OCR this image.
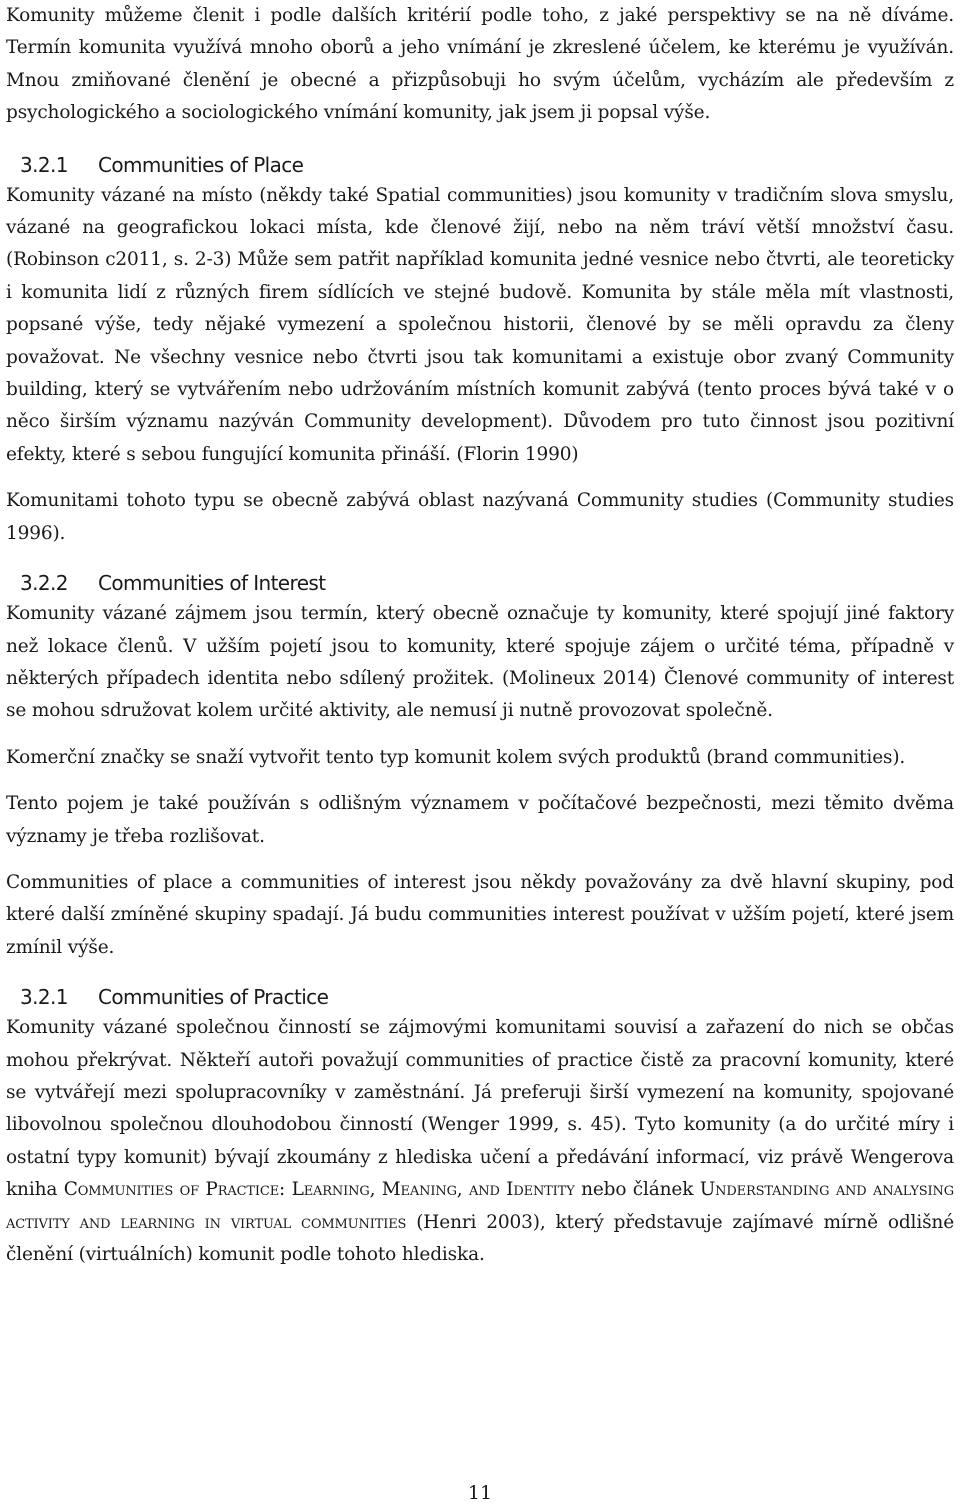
Komunity můžeme členit i podle dalších kritérií podle toho, z jaké perspektivy se na ně díváme. Termín komunita využívá mnoho oborů a jeho vnímání je zkreslené účelem, ke kterému je využíván. Mnou zmiňované členění je obecné a přizpůsobuji ho svým účelům, vycházím ale především z psychologického a sociologického vnímání komunity, jak jsem ji popsal výše.

3.2.1 Communities of Place

Komunity vázané na místo (někdy také Spatial communities) jsou komunity v tradičním slova smyslu, vázané na geografickou lokaci místa, kde členové žijí, nebo na něm tráví větší množství času. (Robinson c2011, s. 2-3) Může sem patřit například komunita jedné vesnice nebo čtvrti, ale teoreticky i komunita lidí z různých firem sídlících ve stejné budově. Komunita by stále měla mít vlastnosti, popsané výše, tedy nějaké vymezení a společnou historii, členové by se měli opravdu za členy považovat. Ne všechny vesnice nebo čtvrti jsou tak komunitami a existuje obor zvaný Community building, který se vytvářením nebo udržováním místních komunit zabývá (tento proces bývá také v o něco širším významu nazýván Community development). Důvodem pro tuto činnost jsou pozitivní efekty, které s sebou fungující komunita přináší. (Florin 1990)

Komunitami tohoto typu se obecně zabývá oblast nazývaná Community studies (Community studies 1996).

3.2.2 Communities of Interest

Komunity vázané zájmem jsou termín, který obecně označuje ty komunity, které spojují jiné faktory než lokace členů. V užším pojetí jsou to komunity, které spojuje zájem o určité téma, případně v některých případech identita nebo sdílený prožitek. (Molineux 2014) Členové community of interest se mohou sdružovat kolem určité aktivity, ale nemusí ji nutně provozovat společně.

Komerční značky se snaží vytvořit tento typ komunit kolem svých produktů (brand communities).

Tento pojem je také používán s odlišným významem v počítačové bezpečnosti, mezi těmito dvěma významy je třeba rozlišovat.

Communities of place a communities of interest jsou někdy považovány za dvě hlavní skupiny, pod které další zmíněné skupiny spadají. Já budu communities interest používat v užším pojetí, které jsem zmínil výše.

3.2.1 Communities of Practice

Komunity vázané společnou činností se zájmovými komunitami souvisí a zařazení do nich se občas mohou překrývat. Někteří autoři považují communities of practice čistě za pracovní komunity, které se vytvářejí mezi spolupracovníky v zaměstnání. Já preferuji širší vymezení na komunity, spojované libovolnou společnou dlouhodobou činností (Wenger 1999, s. 45). Tyto komunity (a do určité míry i ostatní typy komunit) bývají zkoumány z hlediska učení a předávání informací, viz právě Wengerova kniha Communities of Practice: Learning, Meaning, and Identity nebo článek Understanding and analysing activity and learning in virtual communities (Henri 2003), který představuje zajímavé mírně odlišné členění (virtuálních) komunit podle tohoto hlediska.

11
